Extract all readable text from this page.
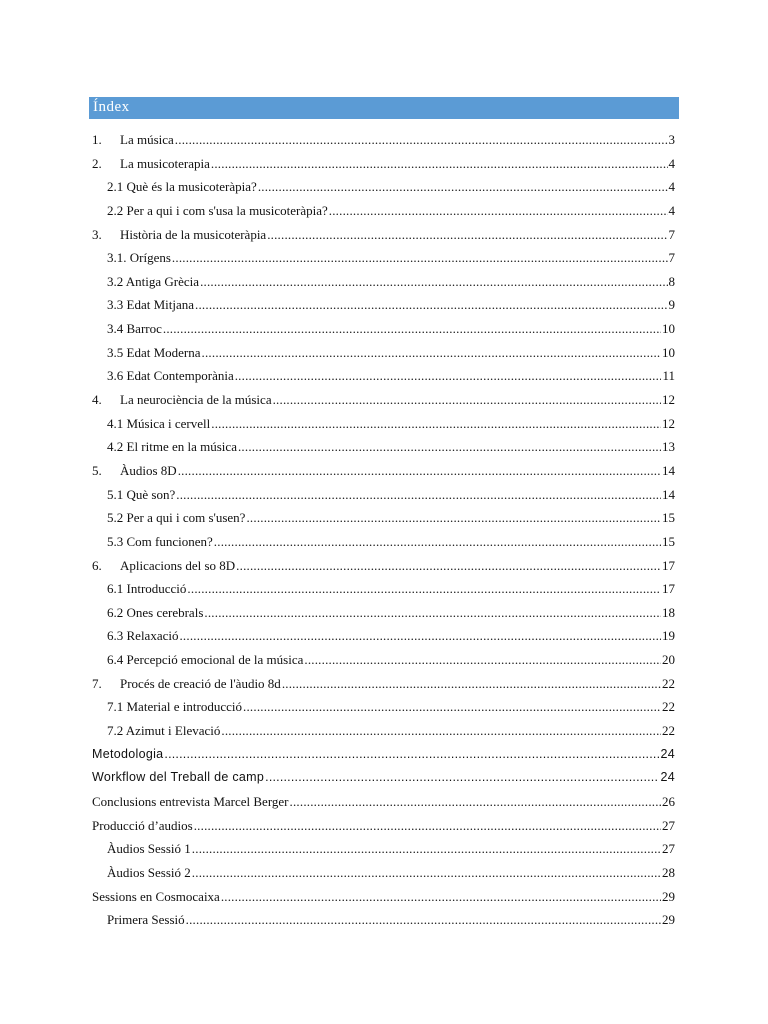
Índex
1.	La música .....	3
2.	La musicoterapia .....	4
2.1 Què és la musicoteràpia? .....	4
2.2 Per a qui i com s'usa la musicoteràpia? .....	4
3.	Història de la musicoteràpia .....	7
3.1. Orígens .....	7
3.2 Antiga Grècia .....	8
3.3 Edat Mitjana .....	9
3.4 Barroc .....	10
3.5 Edat Moderna .....	10
3.6 Edat Contemporània .....	11
4.	La neurociència de la música .....	12
4.1 Música i cervell .....	12
4.2 El ritme en la música .....	13
5.	Àudios 8D .....	14
5.1 Què son? .....	14
5.2 Per a qui i com s'usen? .....	15
5.3 Com funcionen? .....	15
6.	Aplicacions del so 8D .....	17
6.1 Introducció .....	17
6.2 Ones cerebrals .....	18
6.3 Relaxació .....	19
6.4 Percepció emocional de la música .....	20
7.	Procés de creació de l'àudio 8d .....	22
7.1 Material e introducció .....	22
7.2 Azimut i Elevació .....	22
Metodologia .....	24
Workflow del Treball de camp .....	24
Conclusions entrevista Marcel Berger .....	26
Producció d’audios .....	27
Àudios Sessió 1 .....	27
Àudios Sessió 2 .....	28
Sessions en Cosmocaixa .....	29
Primera Sessió .....	29
